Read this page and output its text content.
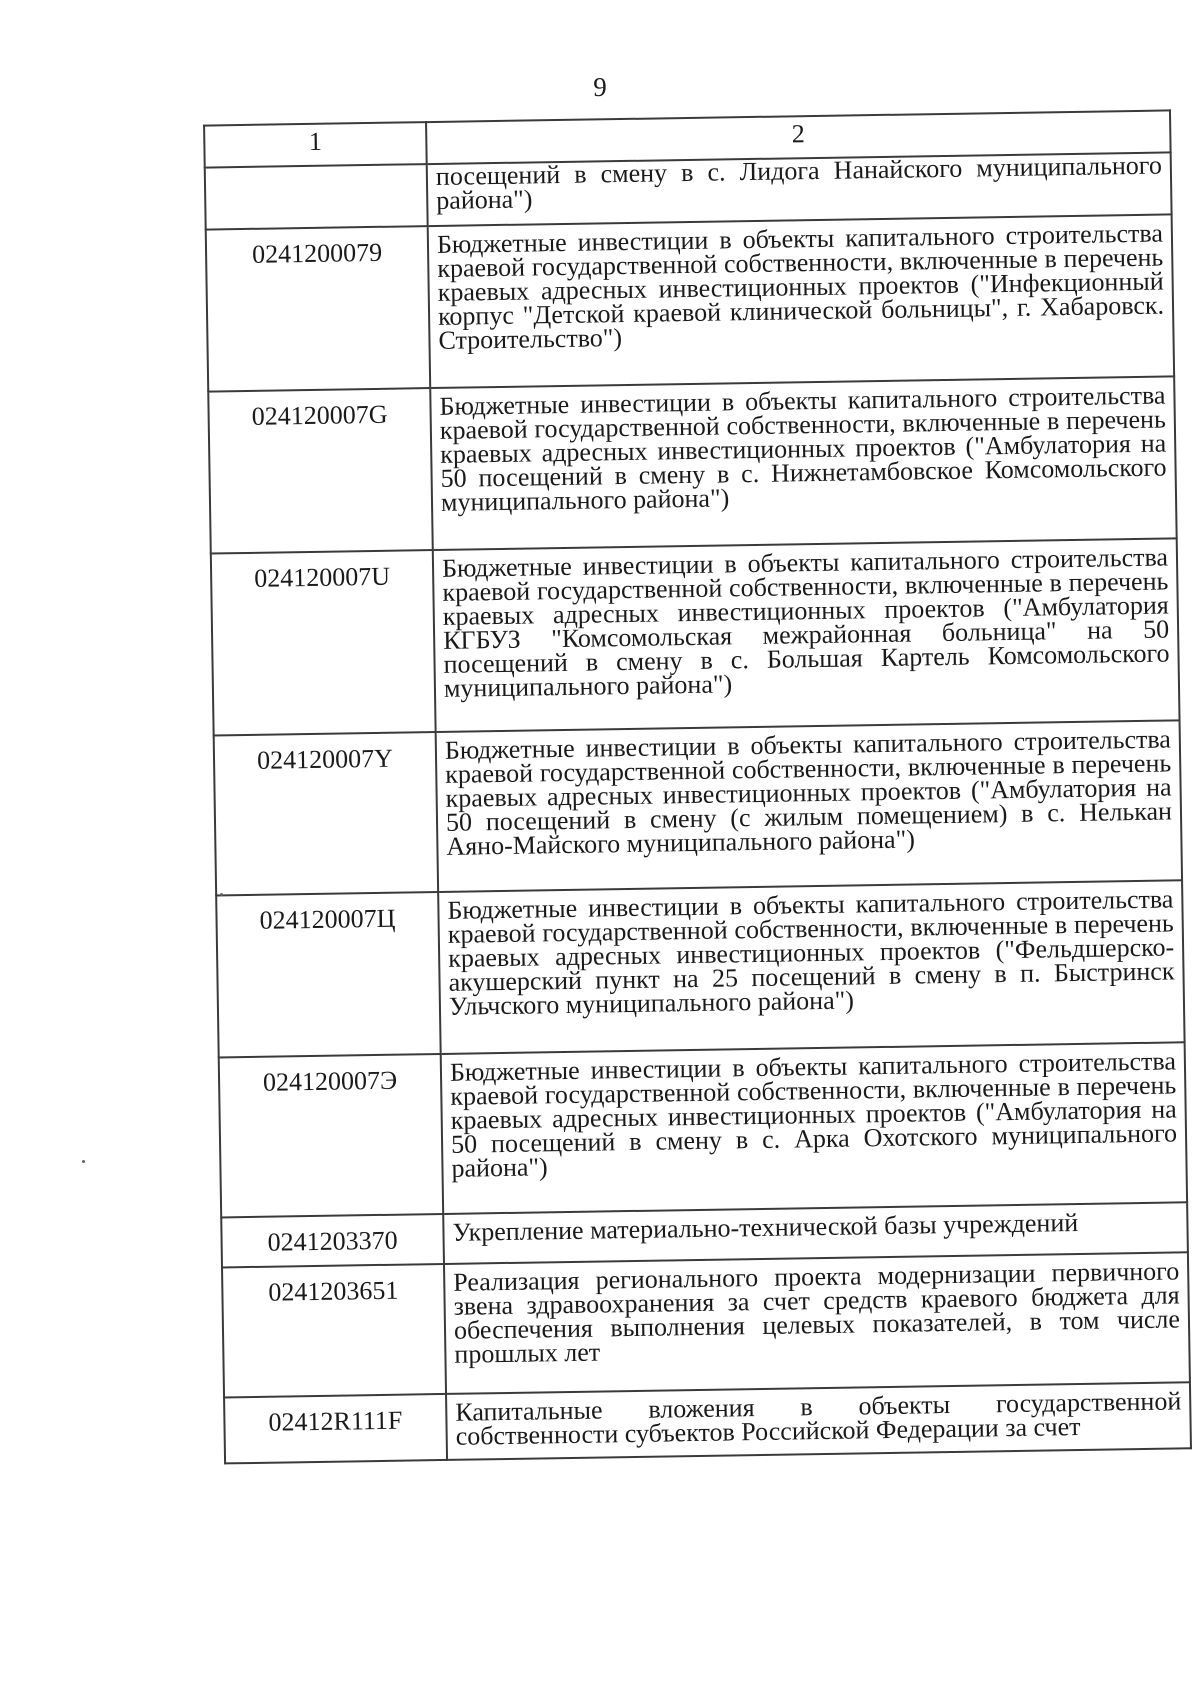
9
1	2
	посещений в смену в с. Лидога Нанайского муниципального района")
0241200079	Бюджетные инвестиции в объекты капитального строительства краевой государственной собственности, включенные в перечень краевых адресных инвестиционных проектов ("Инфекционный корпус "Детской краевой клинической больницы", г. Хабаровск. Строительство")
024120007G	Бюджетные инвестиции в объекты капитального строительства краевой государственной собственности, включенные в перечень краевых адресных инвестиционных проектов ("Амбулатория на 50 посещений в смену в с. Нижнетамбовское Комсомольского муниципального района")
024120007U	Бюджетные инвестиции в объекты капитального строительства краевой государственной собственности, включенные в перечень краевых адресных инвестиционных проектов ("Амбулатория КГБУЗ "Комсомольская межрайонная больница" на 50 посещений в смену в с. Большая Картель Комсомольского муниципального района")
024120007Y	Бюджетные инвестиции в объекты капитального строительства краевой государственной собственности, включенные в перечень краевых адресных инвестиционных проектов ("Амбулатория на 50 посещений в смену (с жилым помещением) в с. Нелькан Аяно-Майского муниципального района")
024120007Ц	Бюджетные инвестиции в объекты капитального строительства краевой государственной собственности, включенные в перечень краевых адресных инвестиционных проектов ("Фельдшерско-акушерский пункт на 25 посещений в смену в п. Быстринск Ульчского муниципального района")
024120007Э	Бюджетные инвестиции в объекты капитального строительства краевой государственной собственности, включенные в перечень краевых адресных инвестиционных проектов ("Амбулатория на 50 посещений в смену в с. Арка Охотского муниципального района")
0241203370	Укрепление материально-технической базы учреждений
0241203651	Реализация регионального проекта модернизации первичного звена здравоохранения за счет средств краевого бюджета для обеспечения выполнения целевых показателей, в том числе прошлых лет
02412R111F	Капитальные вложения в объекты государственной собственности субъектов Российской Федерации за счет
